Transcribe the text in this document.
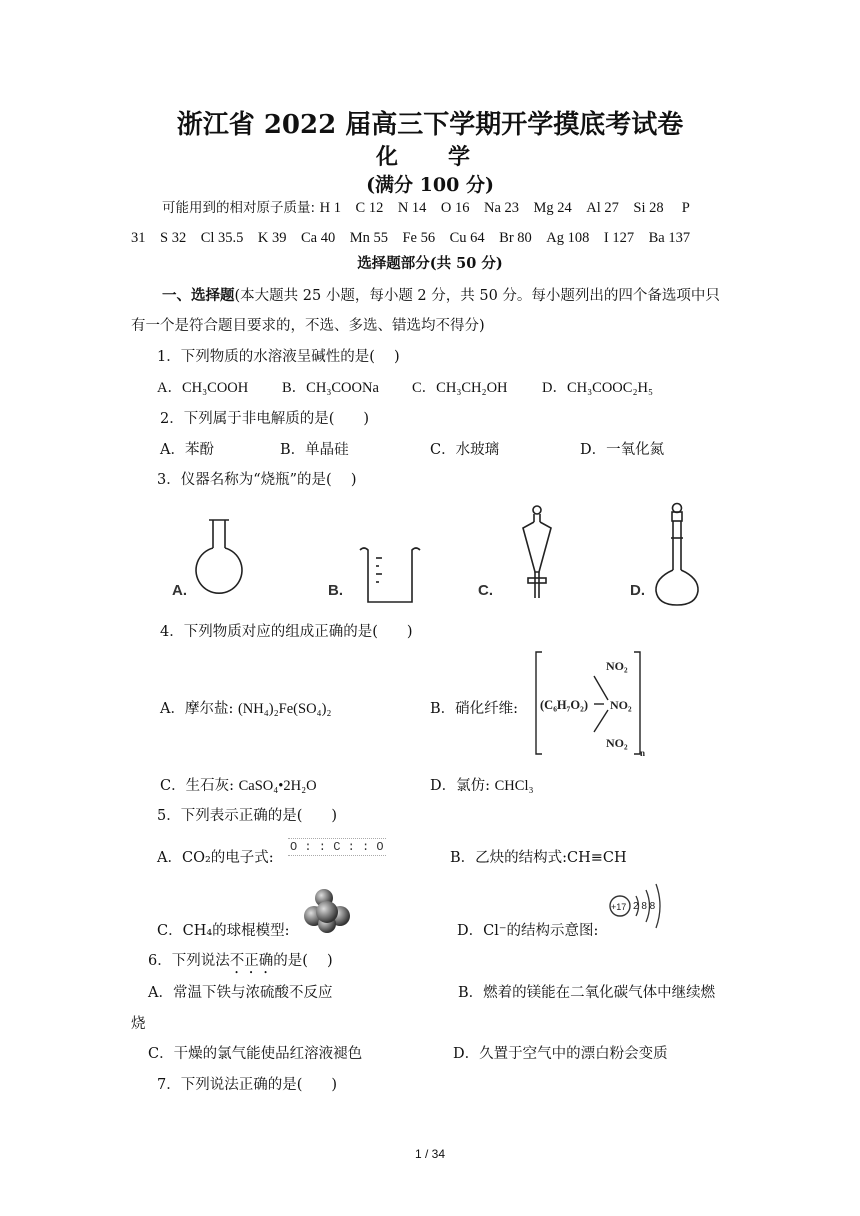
浙江省 2022 届高三下学期开学摸底考试卷
化　学
(满分 100 分)
可能用到的相对原子质量: H 1　C 12　N 14　O 16　Na 23　Mg 24　Al 27　Si 28　 P
31　S 32　Cl 35.5　K 39　Ca 40　Mn 55　Fe 56　Cu 64　Br 80　Ag 108　I 127　Ba 137
选择题部分(共 50 分)
一、选择题(本大题共 25 小题，每小题 2 分，共 50 分。每小题列出的四个备选项中只
有一个是符合题目要求的，不选、多选、错选均不得分)
1．下列物质的水溶液呈碱性的是(　 )
A．CH₃COOH B．CH₃COONa C．CH₃CH₂OH D．CH₃COOC₂H₅
2．下列属于非电解质的是(　　)
A．苯酚	B．单晶硅	C．水玻璃	D．一氧化氮
3．仪器名称为“烧瓶”的是(　 )
A.	B.	C.	D.
4．下列物质对应的组成正确的是(　　)
A．摩尔盐: (NH₄)₂Fe(SO₄)₂	B．硝化纤维: (C₆H₇O₂)
NO₂
NO₂
NO₂
n
C．生石灰: CaSO₄•2H₂O	D．氯仿: CHCl₃
5．下列表示正确的是(　　)
A．CO₂的电子式:
O : : C : : O
B．乙炔的结构式:CH≡CH
C．CH₄的球棍模型:	D．Cl⁻的结构示意图:
+17 2 8 8
6．下列说法不正确的是(　 )
A．常温下铁与浓硫酸不反应	B．燃着的镁能在二氧化碳气体中继续燃
烧
C．干燥的氯气能使品红溶液褪色	D．久置于空气中的漂白粉会变质
7．下列说法正确的是(　　)
1 / 34
